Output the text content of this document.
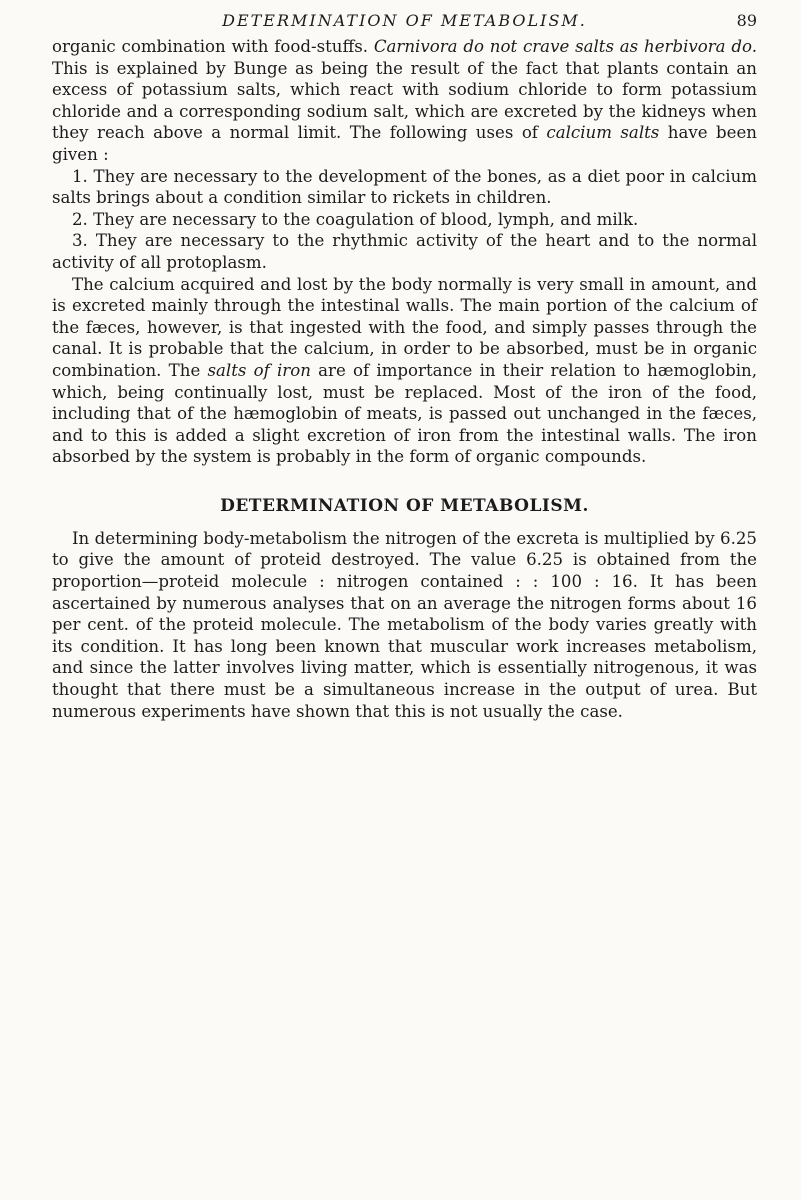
DETERMINATION OF METABOLISM.	89

organic combination with food-stuffs. Carnivora do not crave salts as herbivora do. This is explained by Bunge as being the result of the fact that plants contain an excess of potassium salts, which react with sodium chloride to form potassium chloride and a corresponding sodium salt, which are excreted by the kidneys when they reach above a normal limit. The following uses of calcium salts have been given :

1. They are necessary to the development of the bones, as a diet poor in calcium salts brings about a condition similar to rickets in children.

2. They are necessary to the coagulation of blood, lymph, and milk.

3. They are necessary to the rhythmic activity of the heart and to the normal activity of all protoplasm.

The calcium acquired and lost by the body normally is very small in amount, and is excreted mainly through the intestinal walls. The main portion of the calcium of the fæces, however, is that ingested with the food, and simply passes through the canal. It is probable that the calcium, in order to be absorbed, must be in organic combination. The salts of iron are of importance in their relation to hæmoglobin, which, being continually lost, must be replaced. Most of the iron of the food, including that of the hæmoglobin of meats, is passed out unchanged in the fæces, and to this is added a slight excretion of iron from the intestinal walls. The iron absorbed by the system is probably in the form of organic compounds.

DETERMINATION OF METABOLISM.

In determining body-metabolism the nitrogen of the excreta is multiplied by 6.25 to give the amount of proteid destroyed. The value 6.25 is obtained from the proportion—proteid molecule : nitrogen contained : : 100 : 16. It has been ascertained by numerous analyses that on an average the nitrogen forms about 16 per cent. of the proteid molecule. The metabolism of the body varies greatly with its condition. It has long been known that muscular work increases metabolism, and since the latter involves living matter, which is essentially nitrogenous, it was thought that there must be a simultaneous increase in the output of urea. But numerous experiments have shown that this is not usually the case.
